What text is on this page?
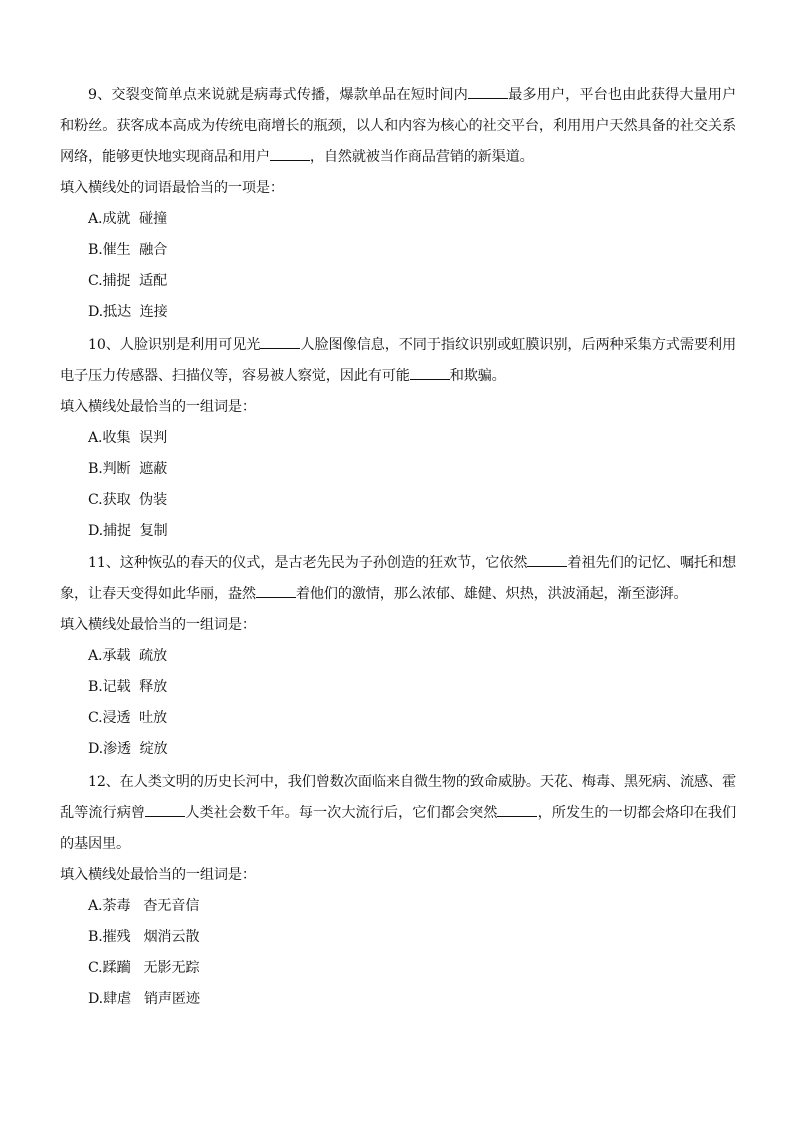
9、交裂变简单点来说就是病毒式传播，爆款单品在短时间内	最多用户，平台也由此获得大量用户和粉丝。获客成本高成为传统电商增长的瓶颈，以人和内容为核心的社交平台，利用用户天然具备的社交关系网络，能够更快地实现商品和用户	，自然就被当作商品营销的新渠道。

填入横线处的词语最恰当的一项是：

A.成就  碰撞

B.催生  融合

C.捕捉  适配

D.抵达  连接

10、人脸识别是利用可见光	人脸图像信息，不同于指纹识别或虹膜识别，后两种采集方式需要利用电子压力传感器、扫描仪等，容易被人察觉，因此有可能	和欺骗。

填入横线处最恰当的一组词是：

A.收集  误判

B.判断  遮蔽

C.获取  伪装

D.捕捉  复制

11、这种恢弘的春天的仪式，是古老先民为子孙创造的狂欢节，它依然	着祖先们的记忆、嘱托和想象，让春天变得如此华丽，盎然	着他们的激情，那么浓郁、雄健、炽热，洪波涌起，渐至澎湃。

填入横线处最恰当的一组词是：

A.承载  疏放

B.记载  释放

C.浸透  吐放

D.渗透  绽放

12、在人类文明的历史长河中，我们曾数次面临来自微生物的致命威胁。天花、梅毒、黑死病、流感、霍乱等流行病曾	人类社会数千年。每一次大流行后，它们都会突然	，所发生的一切都会烙印在我们的基因里。

填入横线处最恰当的一组词是：

A.荼毒   杳无音信

B.摧残   烟消云散

C.蹂躏   无影无踪

D.肆虐   销声匿迹
